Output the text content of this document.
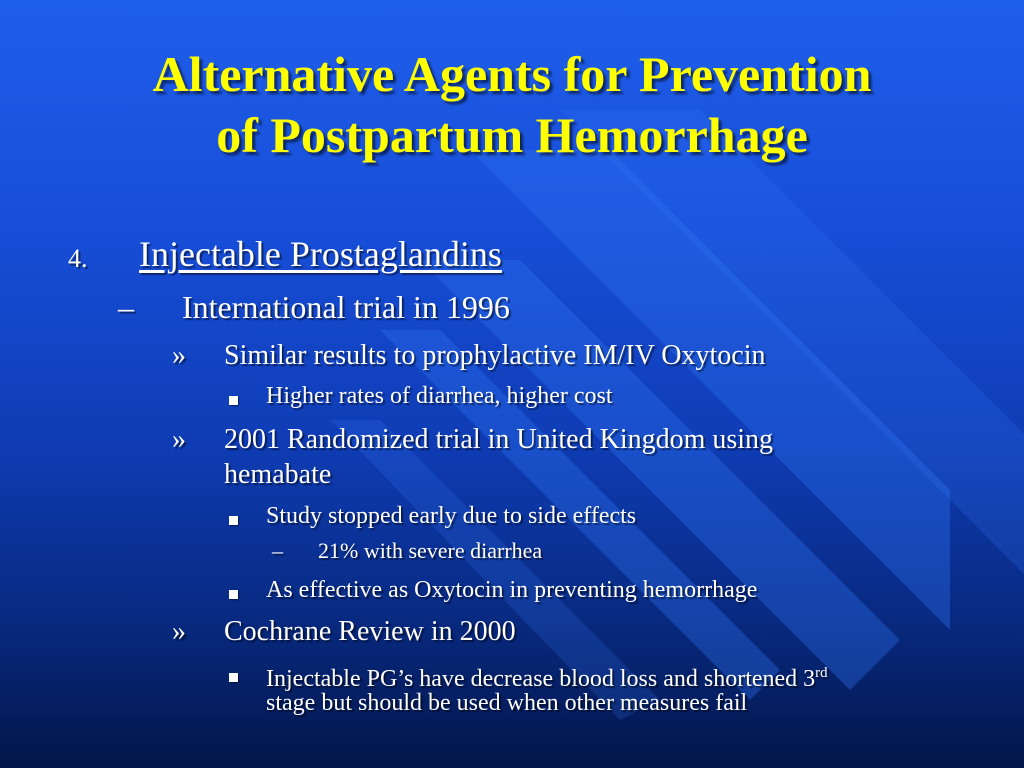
Alternative Agents for Prevention
of Postpartum Hemorrhage
4. Injectable Prostaglandins
– International trial in 1996
» Similar results to prophylactive IM/IV Oxytocin
Higher rates of diarrhea, higher cost
» 2001 Randomized trial in United Kingdom using
hemabate
Study stopped early due to side effects
– 21% with severe diarrhea
As effective as Oxytocin in preventing hemorrhage
» Cochrane Review in 2000
Injectable PG’s have decrease blood loss and shortened 3rd
stage but should be used when other measures fail
